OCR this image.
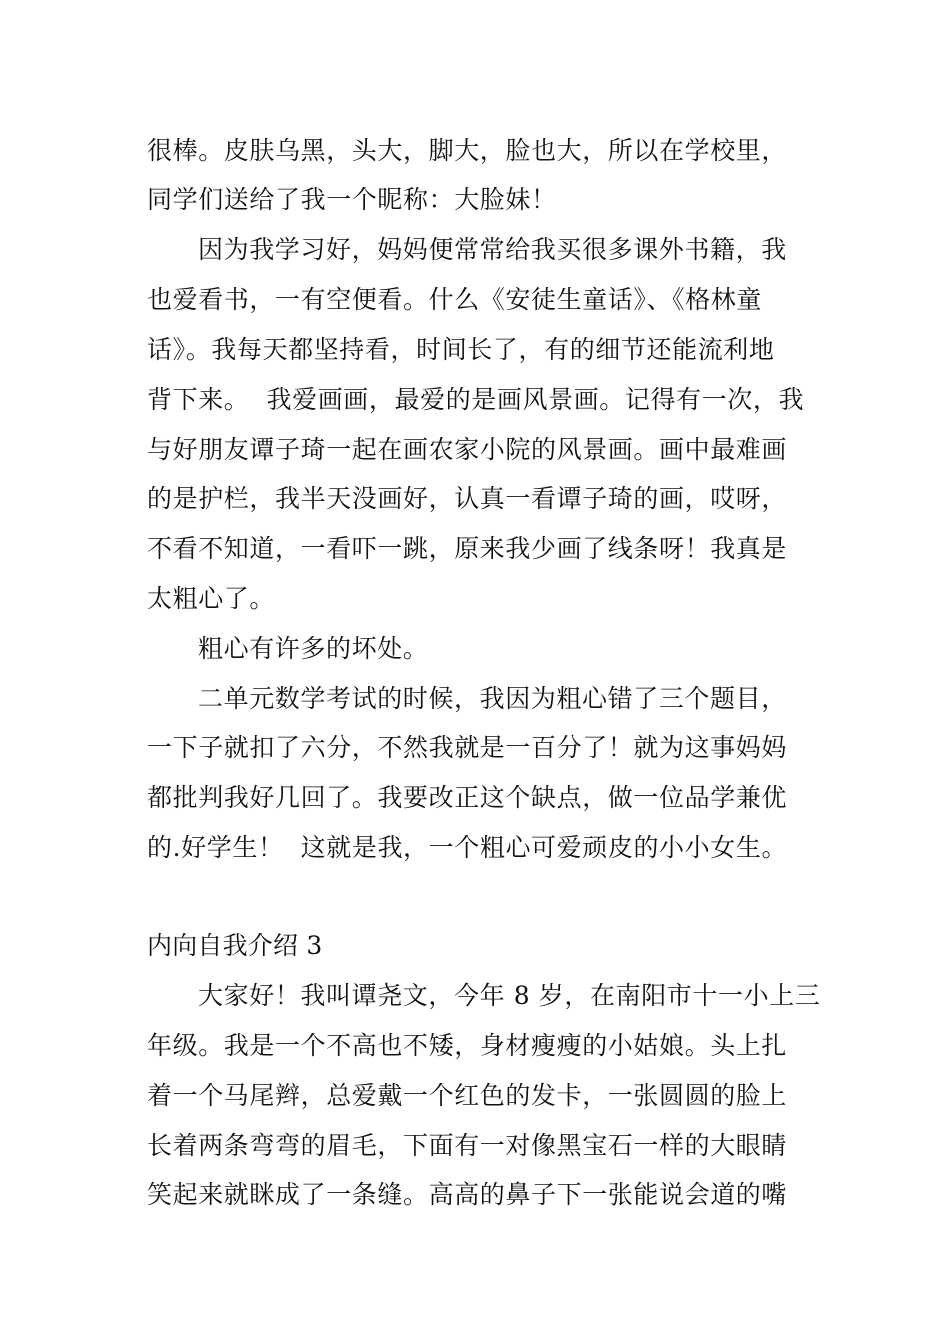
很棒。皮肤乌黑，头大，脚大，脸也大，所以在学校里，
同学们送给了我一个昵称：大脸妹！
因为我学习好，妈妈便常常给我买很多课外书籍，我
也爱看书，一有空便看。什么《安徒生童话》、《格林童
话》。我每天都坚持看，时间长了，有的细节还能流利地
背下来。  我爱画画，最爱的是画风景画。记得有一次，我
与好朋友谭子琦一起在画农家小院的风景画。画中最难画
的是护栏，我半天没画好，认真一看谭子琦的画，哎呀，
不看不知道，一看吓一跳，原来我少画了线条呀！我真是
太粗心了。
粗心有许多的坏处。
二单元数学考试的时候，我因为粗心错了三个题目，
一下子就扣了六分，不然我就是一百分了！就为这事妈妈
都批判我好几回了。我要改正这个缺点，做一位品学兼优
的.好学生！  这就是我，一个粗心可爱顽皮的小小女生。
内向自我介绍 3
大家好！我叫谭尧文，今年 8 岁，在南阳市十一小上三
年级。我是一个不高也不矮，身材瘦瘦的小姑娘。头上扎
着一个马尾辫，总爱戴一个红色的发卡，一张圆圆的脸上
长着两条弯弯的眉毛，下面有一对像黑宝石一样的大眼睛
笑起来就眯成了一条缝。高高的鼻子下一张能说会道的嘴
